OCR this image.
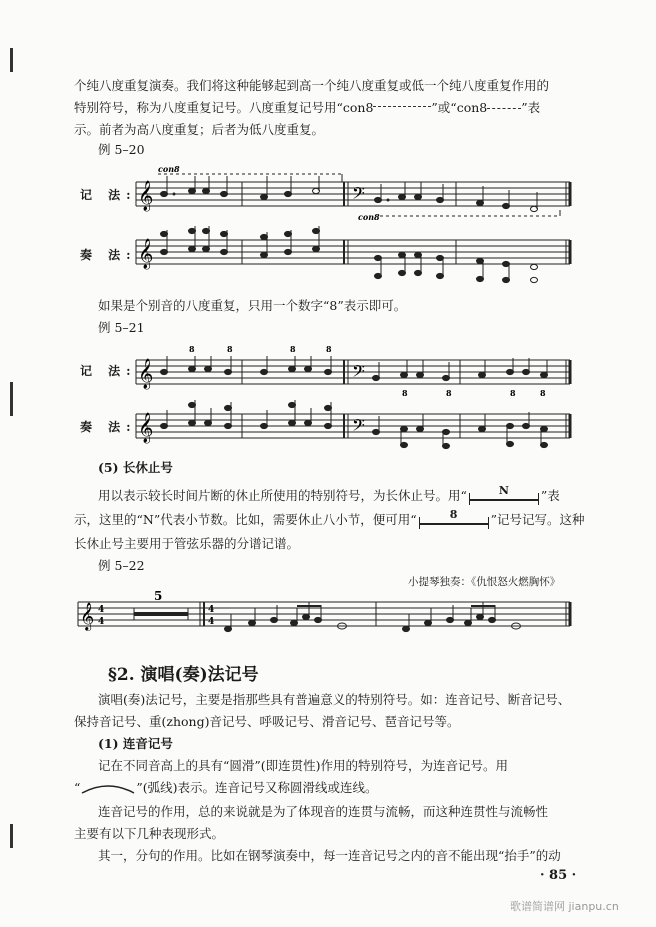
个纯八度重复演奏。我们将这种能够起到高一个纯八度重复或低一个纯八度重复作用的
特别符号，称为八度重复记号。八度重复记号用“con8	”或“con8	”表
示。前者为高八度重复；后者为低八度重复。
例 5–20
记 法:
奏 法:
𝄞
𝄞
𝄢
con8
con8
如果是个别音的八度重复，只用一个数字“8”表示即可。
例 5–21
记 法:
奏 法:
𝄞
𝄞
𝄢
𝄢
8	8	8	8
8	8	8	8
(5) 长休止号
用以表示较长时间片断的休止所使用的特别符号，为长休止号。用“	N	”表
示，这里的“N”代表小节数。比如，需要休止八小节，便可用“	8	”记号记写。这种
长休止号主要用于管弦乐器的分谱记谱。
例 5–22
小提琴独奏：《仇恨怒火燃胸怀》
𝄞
5
4
4
4
4
§2. 演唱(奏)法记号
演唱(奏)法记号，主要是指那些具有普遍意义的特别符号。如：连音记号、断音记号、
保持音记号、重(zhong)音记号、呼吸记号、滑音记号、琶音记号等。
(1) 连音记号
记在不同音高上的具有“圆滑”(即连贯性)作用的特别符号，为连音记号。用
“	”(弧线)表示。连音记号又称圆滑线或连线。
连音记号的作用，总的来说就是为了体现音的连贯与流畅，而这种连贯性与流畅性
主要有以下几种表现形式。
其一，分句的作用。比如在钢琴演奏中，每一连音记号之内的音不能出现“抬手”的动
· 85 ·
歌谱简谱网 jianpu.cn
